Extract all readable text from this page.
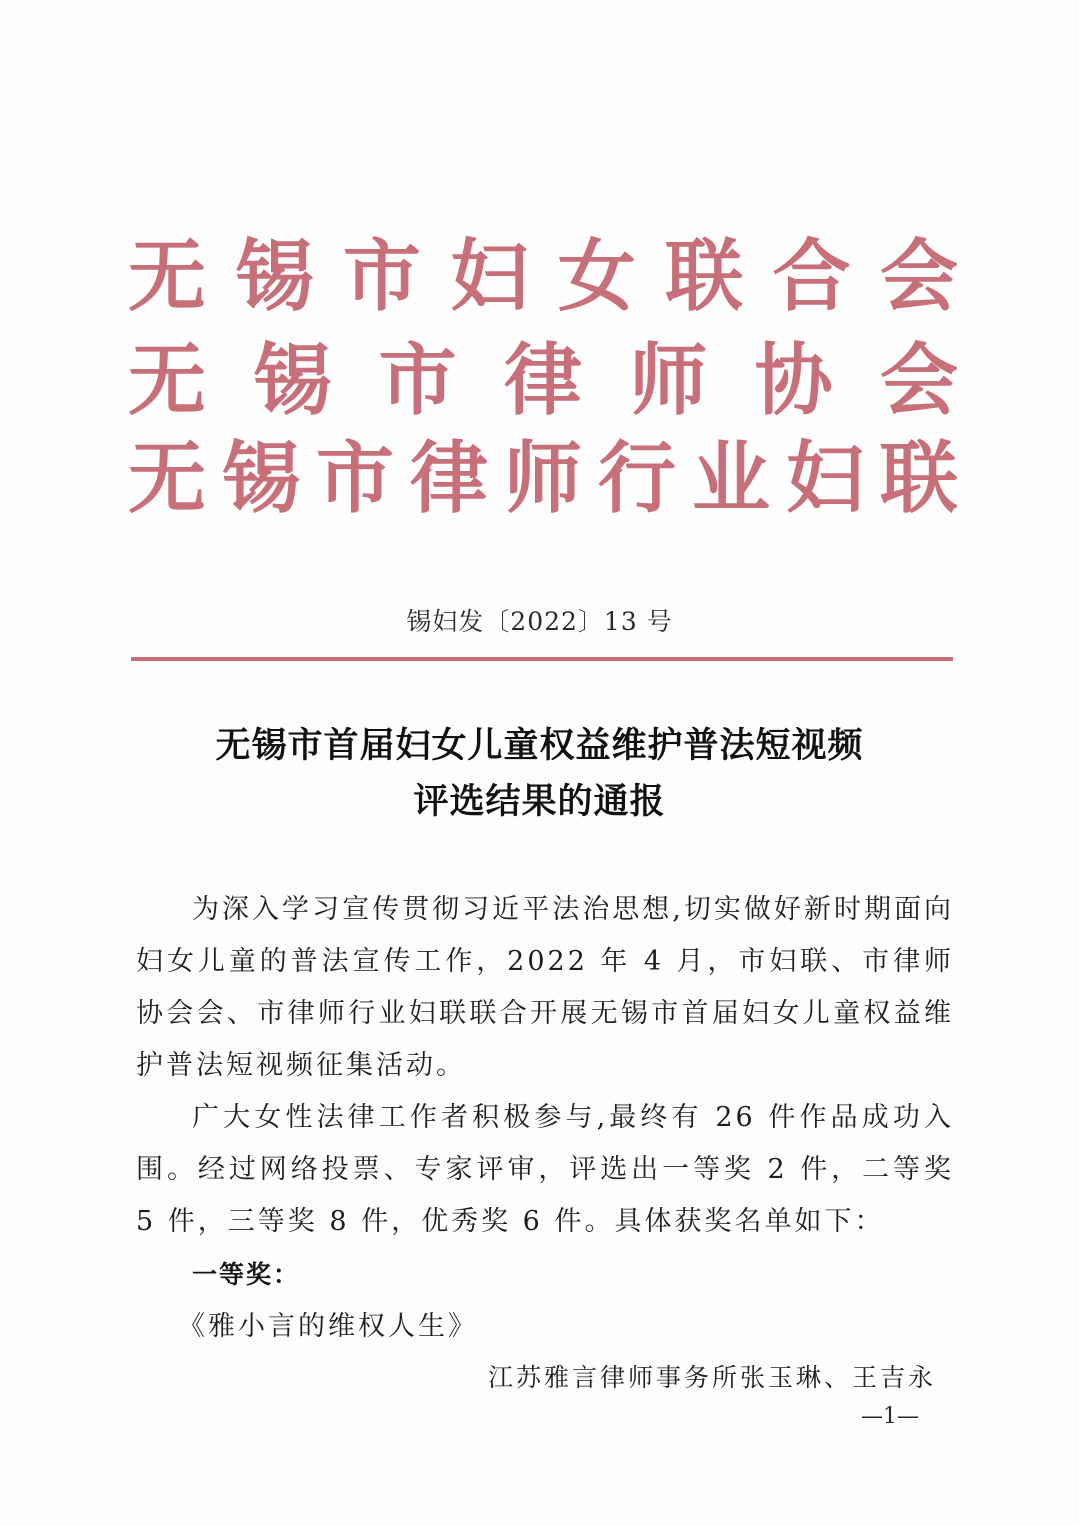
无 锡 市 妇 女 联 合 会
无 锡 市 律 师 协 会
无 锡 市 律 师 行 业 妇 联
锡妇发〔2022〕13 号
无锡市首届妇女儿童权益维护普法短视频
评选结果的通报
为深入学习宣传贯彻习近平法治思想,切实做好新时期面向妇女儿童的普法宣传工作，2022 年 4 月，市妇联、市律师协会会、市律师行业妇联联合开展无锡市首届妇女儿童权益维护普法短视频征集活动。
广大女性法律工作者积极参与,最终有 26 件作品成功入围。经过网络投票、专家评审，评选出一等奖 2 件，二等奖 5 件，三等奖 8 件，优秀奖 6 件。具体获奖名单如下：
一等奖：
《雅小言的维权人生》
江苏雅言律师事务所张玉琳、王吉永
—1—
